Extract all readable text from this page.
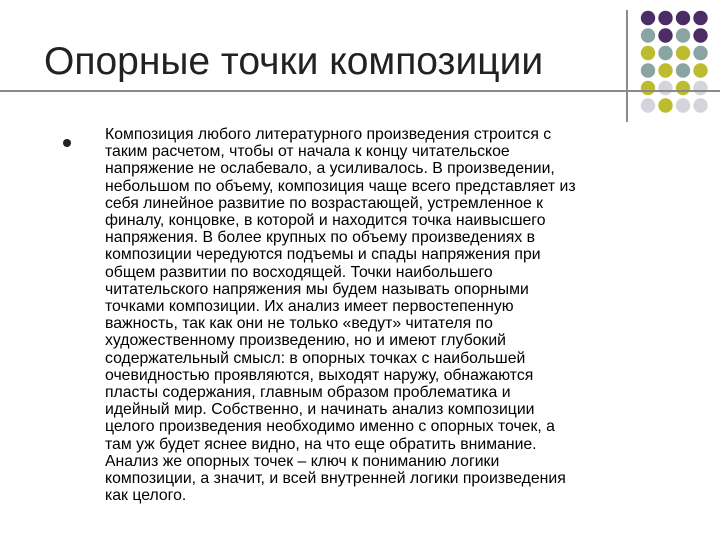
Опорные точки композиции
Композиция любого литературного произведения строится с
таким расчетом, чтобы от начала к концу читательское
напряжение не ослабевало, а усиливалось. В произведении,
небольшом по объему, композиция чаще всего представляет из
себя линейное развитие по возрастающей, устремленное к
финалу, концовке, в которой и находится точка наивысшего
напряжения. В более крупных по объему произведениях в
композиции чередуются подъемы и спады напряжения при
общем развитии по восходящей. Точки наибольшего
читательского напряжения мы будем называть опорными
точками композиции. Их анализ имеет первостепенную
важность, так как они не только «ведут» читателя по
художественному произведению, но и имеют глубокий
содержательный смысл: в опорных точках с наибольшей
очевидностью проявляются, выходят наружу, обнажаются
пласты содержания, главным образом проблематика и
идейный мир. Собственно, и начинать анализ композиции
целого произведения необходимо именно с опорных точек, а
там уж будет яснее видно, на что еще обратить внимание.
Анализ же опорных точек – ключ к пониманию логики
композиции, а значит, и всей внутренней логики произведения
как целого.
